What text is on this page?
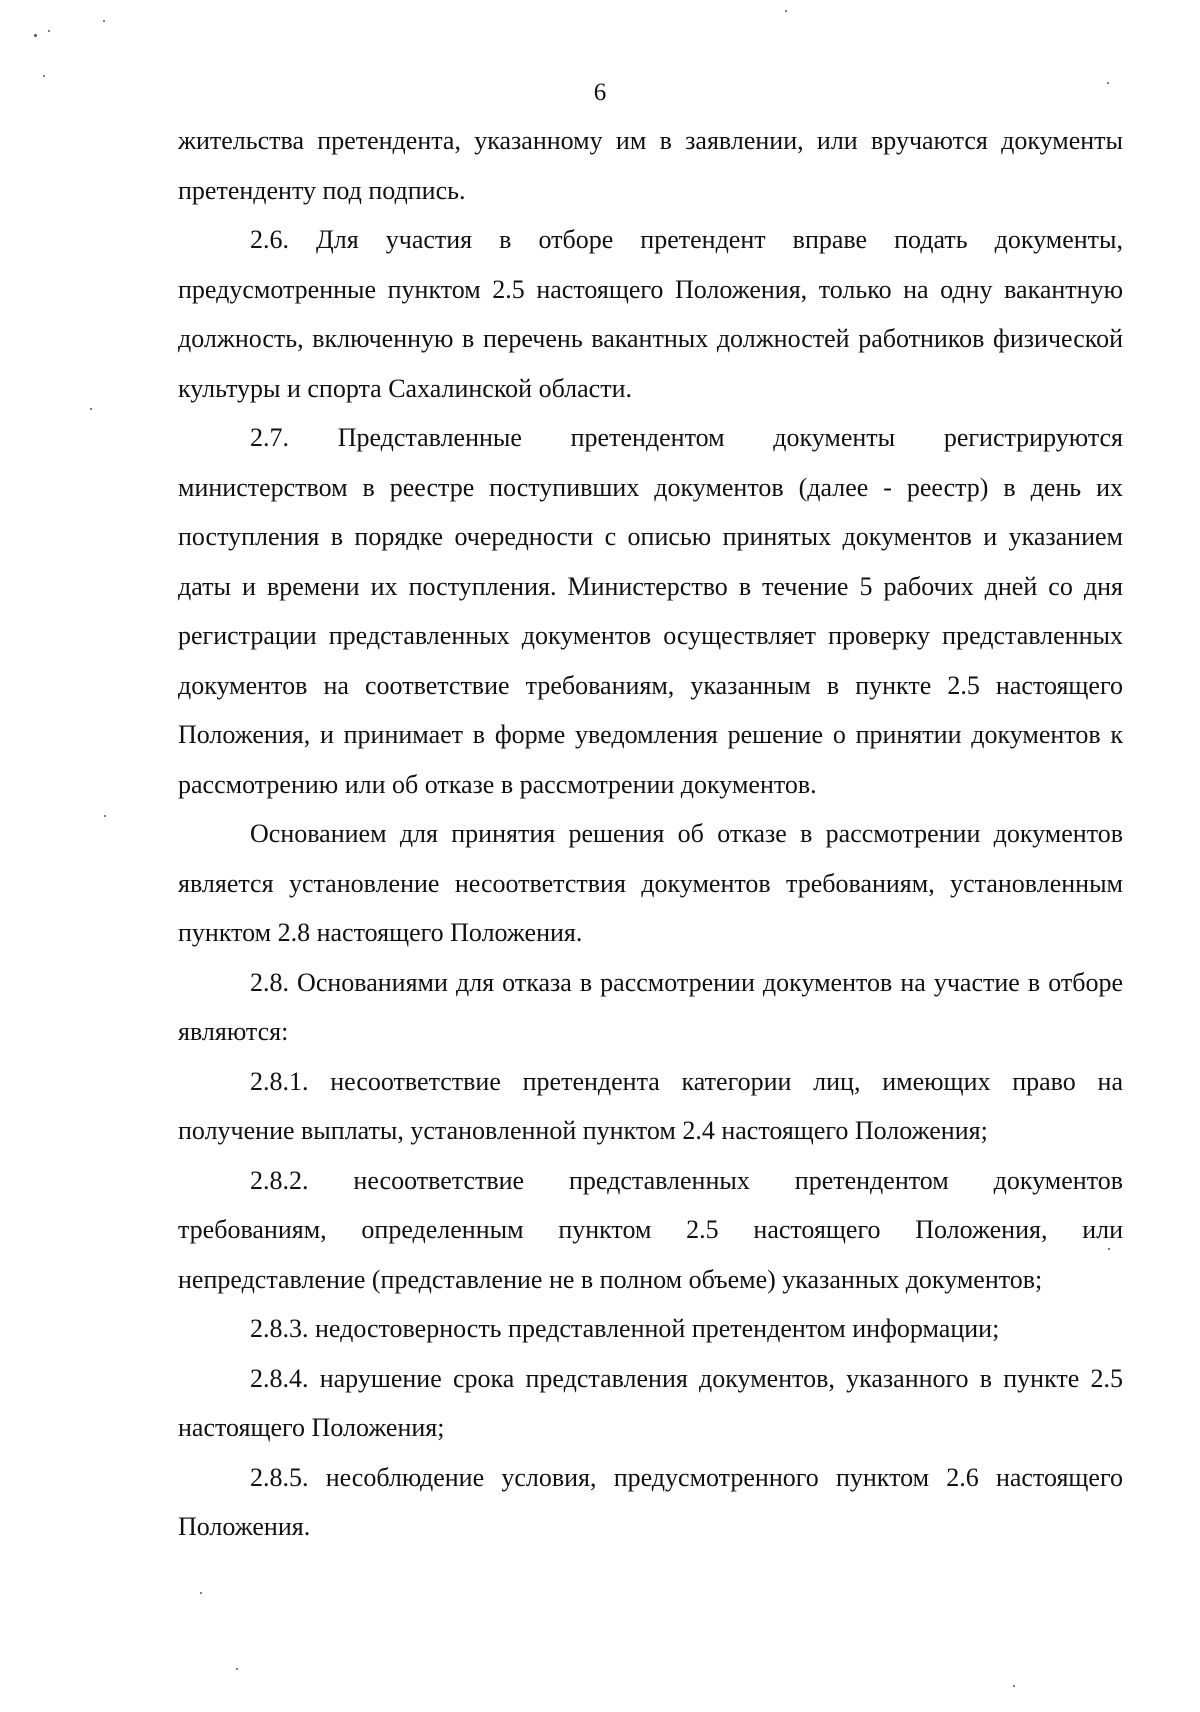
6

жительства претендента, указанному им в заявлении, или вручаются документы претенденту под подпись.

2.6. Для участия в отборе претендент вправе подать документы, предусмотренные пунктом 2.5 настоящего Положения, только на одну вакантную должность, включенную в перечень вакантных должностей работников физической культуры и спорта Сахалинской области.

2.7. Представленные претендентом документы регистрируются министерством в реестре поступивших документов (далее - реестр) в день их поступления в порядке очередности с описью принятых документов и указанием даты и времени их поступления. Министерство в течение 5 рабочих дней со дня регистрации представленных документов осуществляет проверку представленных документов на соответствие требованиям, указанным в пункте 2.5 настоящего Положения, и принимает в форме уведомления решение о принятии документов к рассмотрению или об отказе в рассмотрении документов.

Основанием для принятия решения об отказе в рассмотрении документов является установление несоответствия документов требованиям, установленным пунктом 2.8 настоящего Положения.

2.8. Основаниями для отказа в рассмотрении документов на участие в отборе являются:

2.8.1. несоответствие претендента категории лиц, имеющих право на получение выплаты, установленной пунктом 2.4 настоящего Положения;

2.8.2. несоответствие представленных претендентом документов требованиям, определенным пунктом 2.5 настоящего Положения, или непредставление (представление не в полном объеме) указанных документов;

2.8.3. недостоверность представленной претендентом информации;

2.8.4. нарушение срока представления документов, указанного в пункте 2.5 настоящего Положения;

2.8.5. несоблюдение условия, предусмотренного пунктом 2.6 настоящего Положения.
